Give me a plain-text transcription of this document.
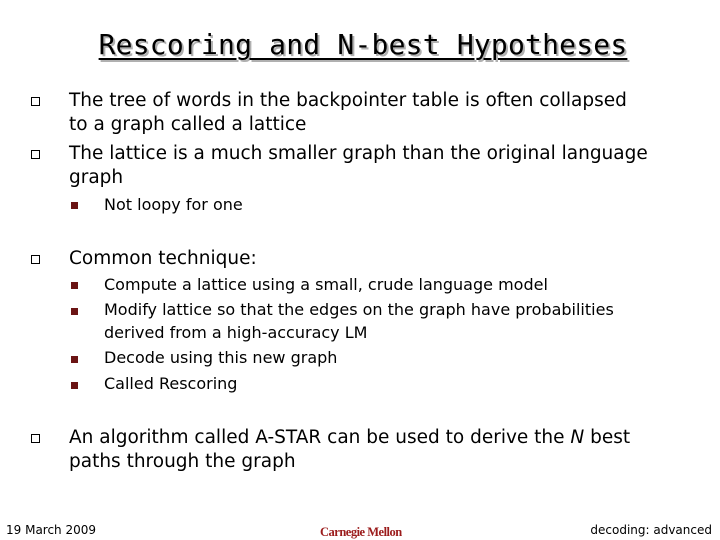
Rescoring and N-best Hypotheses
The tree of words in the backpointer table is often collapsed
to a graph called a lattice
The lattice is a much smaller graph than the original language
graph
Not loopy for one
Common technique:
Compute a lattice using a small, crude language model
Modify lattice so that the edges on the graph have probabilities
derived from a high-accuracy LM
Decode using this new graph
Called Rescoring
An algorithm called A-STAR can be used to derive the N best
paths through the graph
19 March 2009	Carnegie Mellon	decoding: advanced
